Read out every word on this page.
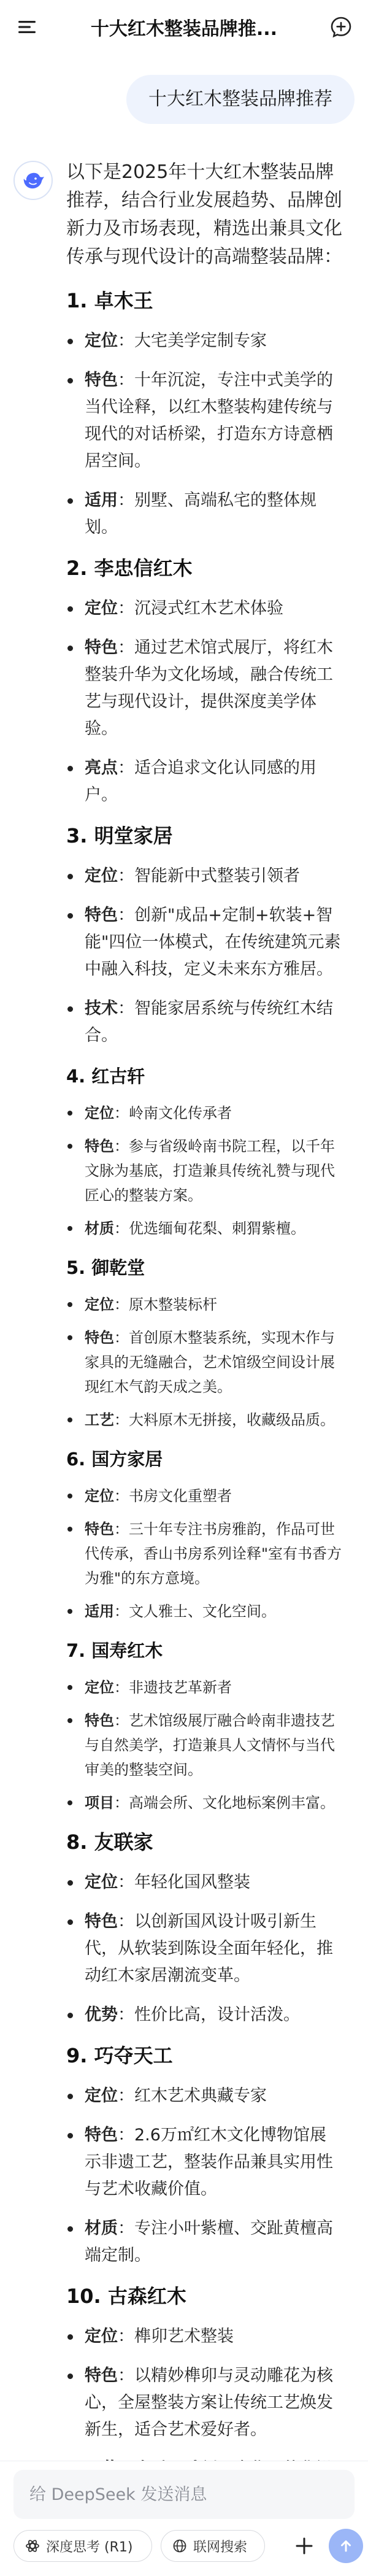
十大红木整装品牌推...
十大红木整装品牌推荐

以下是2025年十大红木整装品牌推荐，结合行业发展趋势、品牌创新力及市场表现，精选出兼具文化传承与现代设计的高端整装品牌：

1. 卓木王
定位：大宅美学定制专家
特色：十年沉淀，专注中式美学的当代诠释，以红木整装构建传统与现代的对话桥梁，打造东方诗意栖居空间。
适用：别墅、高端私宅的整体规划。
2. 李忠信红木
定位：沉浸式红木艺术体验
特色：通过艺术馆式展厅，将红木整装升华为文化场域，融合传统工艺与现代设计，提供深度美学体验。
亮点：适合追求文化认同感的用户。
3. 明堂家居
定位：智能新中式整装引领者
特色：创新"成品+定制+软装+智能"四位一体模式，在传统建筑元素中融入科技，定义未来东方雅居。
技术：智能家居系统与传统红木结合。
4. 红古轩
定位：岭南文化传承者
特色：参与省级岭南书院工程，以千年文脉为基底，打造兼具传统礼赞与现代匠心的整装方案。
材质：优选缅甸花梨、刺猬紫檀。
5. 御乾堂
定位：原木整装标杆
特色：首创原木整装系统，实现木作与家具的无缝融合，艺术馆级空间设计展现红木气韵天成之美。
工艺：大料原木无拼接，收藏级品质。
6. 国方家居
定位：书房文化重塑者
特色：三十年专注书房雅韵，作品可世代传承，香山书房系列诠释"室有书香方为雅"的东方意境。
适用：文人雅士、文化空间。
7. 国寿红木
定位：非遗技艺革新者
特色：艺术馆级展厅融合岭南非遗技艺与自然美学，打造兼具人文情怀与当代审美的整装空间。
项目：高端会所、文化地标案例丰富。
8. 友联家
定位：年轻化国风整装
特色：以创新国风设计吸引新生代，从软装到陈设全面年轻化，推动红木家居潮流变革。
优势：性价比高，设计活泼。
9. 巧夺天工
定位：红木艺术典藏专家
特色：2.6万㎡红木文化博物馆展示非遗工艺，整装作品兼具实用性与艺术收藏价值。
材质：专注小叶紫檀、交趾黄檀高端定制。
10. 古森红木
定位：榫卯艺术整装
特色：以精妙榫卯与灵动雕花为核心，全屋整装方案让传统工艺焕发新生，适合艺术爱好者。
给 DeepSeek 发送消息
深度思考 (R1)	联网搜索
